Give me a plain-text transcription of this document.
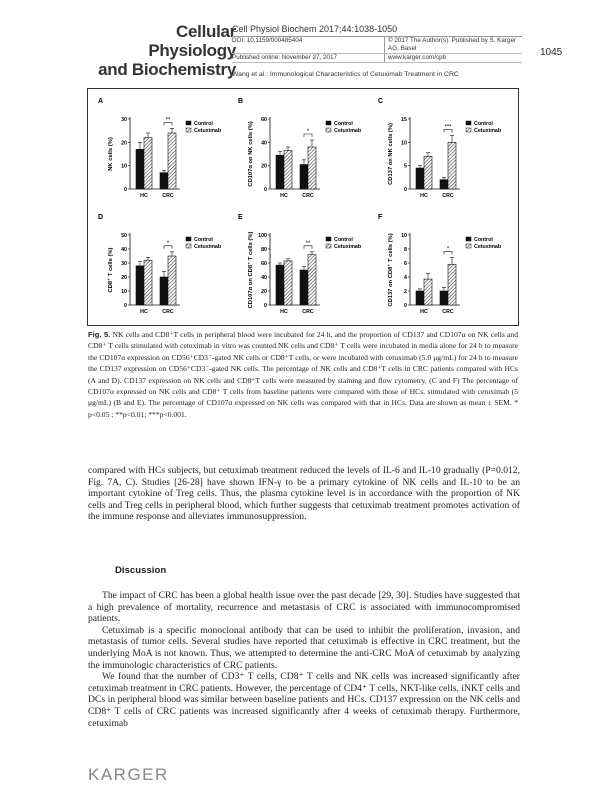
Cellular Physiology
and Biochemistry
Cell Physiol Biochem 2017;44:1038-1050
DOI: 10.1159/000485404	© 2017 The Author(s). Published by S. Karger AG, Basel
Published online: November 27, 2017	www.karger.com/cpb
Wang et al.: Immunological Characteristics of Cetuximab Treatment in CRC
1045
A
NK cells (%)
0
10
20
30
HC	CRC
**
Control
Cetuximab
B
CD107α on NK cells (%)
0
20
40
60
HC	CRC
*
Control
Cetuximab
C
CD137 on NK cells (%)
0
5
10
15
HC	CRC
***
Control
Cetuximab
D
CD8⁺ T cells (%)
0
10
20
30
40
50
HC	CRC
*
Control
Cetuximab
E
CD107α on CD8⁺ T cells (%) 0
20
40
60
80
100
HC	CRC
**
Control
Cetuximab
F
CD137 on CD8⁺ T cells (%) 0
2
4
6
8
10
HC	CRC
*
Control
Cetuximab
Fig. 5. NK cells and CD8⁺T cells in peripheral blood were incubated for 24 h, and the proportion of CD137 and CD107α on NK cells and CD8⁺ T cells stimulated with cetuximab in vitro was counted.NK cells and CD8⁺ T cells were incubated in media alone for 24 h to measure the CD107α expression on CD56⁺CD3⁻-gated NK cells or CD8⁺T cells, or were incubated with cetuximab (5.0 μg/mL) for 24 h to measure the CD137 expression on CD56⁺CD3⁻-gated NK cells. The percentage of NK cells and CD8⁺T cells in CRC patients compared with HCs (A and D). CD137 expression on NK cells and CD8⁺T cells were measured by staining and flow cytometry. (C and F) The percentage of CD107α expressed on NK cells and CD8⁺ T cells from baseline patients were compared with those of HCs, stimulated with cetuximab (5 μg/mL) (B and E). The percentage of CD107α expressed on NK cells was compared with that in HCs. Data are shown as mean ± SEM. * p<0.05 ; **p<0.01; ***p<0.001.

compared with HCs subjects, but cetuximab treatment reduced the levels of IL-6 and IL-10 gradually (P=0.012, Fig. 7A, C). Studies [26-28] have shown IFN-γ to be a primary cytokine of NK cells and IL-10 to be an important cytokine of Treg cells. Thus, the plasma cytokine level is in accordance with the proportion of NK cells and Treg cells in peripheral blood, which further suggests that cetuximab treatment promotes activation of the immune response and alleviates immunosuppression.

Discussion

The impact of CRC has been a global health issue over the past decade [29, 30]. Studies have suggested that a high prevalence of mortality, recurrence and metastasis of CRC is associated with immunocompromised patients.

Cetuximab is a specific monoclonal antibody that can be used to inhibit the proliferation, invasion, and metastasis of tumor cells. Several studies have reported that cetuximab is effective in CRC treatment, but the underlying MoA is not known. Thus, we attempted to determine the anti-CRC MoA of cetuximab by analyzing the immunologic characteristics of CRC patients.

We found that the number of CD3⁺ T cells, CD8⁺ T cells and NK cells was increased significantly after cetuximab treatment in CRC patients. However, the percentage of CD4⁺ T cells, NKT-like cells, iNKT cells and DCs in peripheral blood was similar between baseline patients and HCs. CD137 expression on the NK cells and CD8⁺ T cells of CRC patients was increased significantly after 4 weeks of cetuximab therapy. Furthermore, cetuximab

KARGER
